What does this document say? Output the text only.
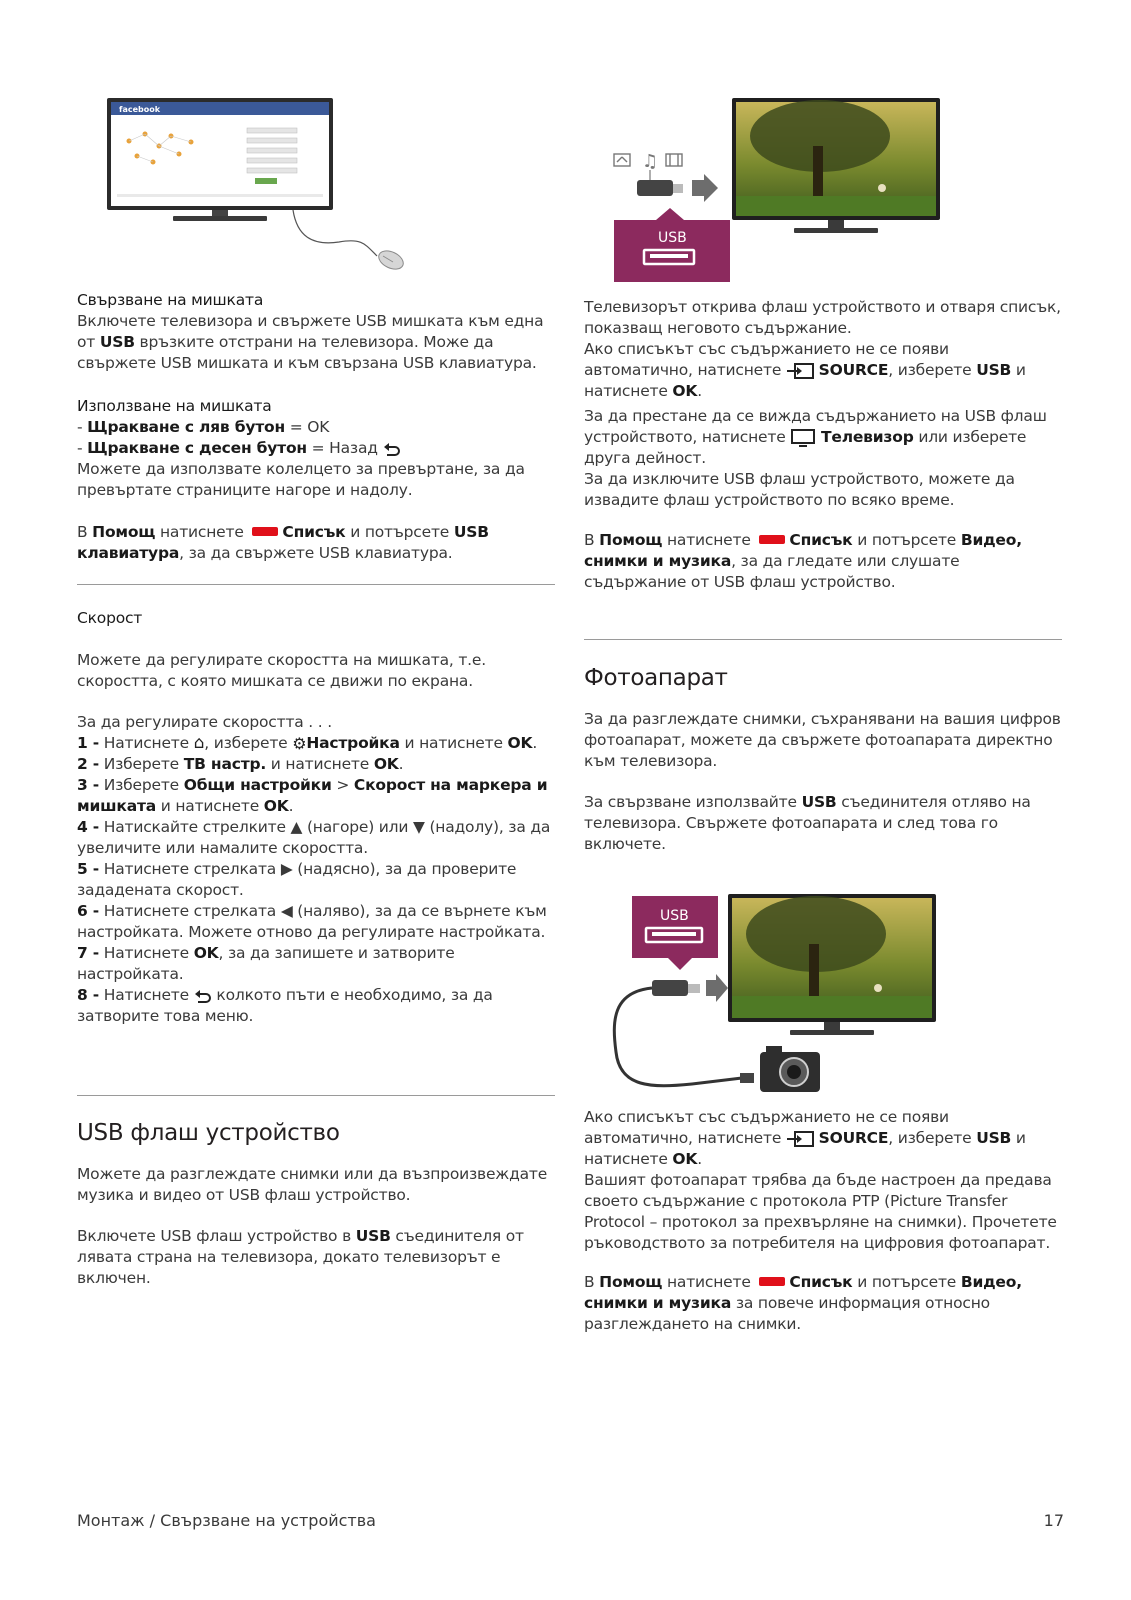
facebook

Свързване на мишката

Включете телевизора и свържете USB мишката към една от USB връзките отстрани на телевизора. Може да свържете USB мишката и към свързана USB клавиатура.

Използване на мишката

- Щракване с ляв бутон = OK

- Щракване с десен бутон = Назад

Можете да използвате колелцето за превъртане, за да превъртате страниците нагоре и надолу.

В Помощ натиснете Списък и потърсете USB клавиатура, за да свържете USB клавиатура.

Скорост

Можете да регулирате скоростта на мишката, т.е. скоростта, с която мишката се движи по екрана.

За да регулирате скоростта . . .

1 - Натиснете ⌂, изберете ⚙Настройка и натиснете OK.

2 - Изберете ТВ настр. и натиснете OK.

3 - Изберете Общи настройки > Скорост на маркера и мишката и натиснете OK.

4 - Натискайте стрелките ▲ (нагоре) или ▼ (надолу), за да увеличите или намалите скоростта.

5 - Натиснете стрелката ▶ (надясно), за да проверите зададената скорост.

6 - Натиснете стрелката ◀ (наляво), за да се върнете към настройката. Можете отново да регулирате настройката.

7 - Натиснете OK, за да запишете и затворите настройката.

8 - Натиснете  колкото пъти е необходимо, за да затворите това меню.

USB флаш устройство

Можете да разглеждате снимки или да възпроизвеждате музика и видео от USB флаш устройство.

Включете USB флаш устройство в USB съединителя от лявата страна на телевизора, докато телевизорът е включен.

♫
USB

Телевизорът открива флаш устройството и отваря списък, показващ неговото съдържание.

Ако списъкът със съдържанието не се появи автоматично, натиснете  SOURCE, изберете USB и натиснете OK.

За да престане да се вижда съдържанието на USB флаш устройството, натиснете  Телевизор или изберете друга дейност.

За да изключите USB флаш устройството, можете да извадите флаш устройството по всяко време.

В Помощ натиснете Списък и потърсете Видео, снимки и музика, за да гледате или слушате съдържание от USB флаш устройство.

Фотоапарат

За да разглеждате снимки, съхранявани на вашия цифров фотоапарат, можете да свържете фотоапарата директно към телевизора.

За свързване използвайте USB съединителя отляво на телевизора. Свържете фотоапарата и след това го включете.

USB

Ако списъкът със съдържанието не се появи автоматично, натиснете  SOURCE, изберете USB и натиснете OK.

Вашият фотоапарат трябва да бъде настроен да предава своето съдържание с протокола PTP (Picture Transfer Protocol – протокол за прехвърляне на снимки). Прочетете ръководството за потребителя на цифровия фотоапарат.

В Помощ натиснете Списък и потърсете Видео, снимки и музика за повече информация относно разглеждането на снимки.

Монтаж / Свързване на устройства	17
